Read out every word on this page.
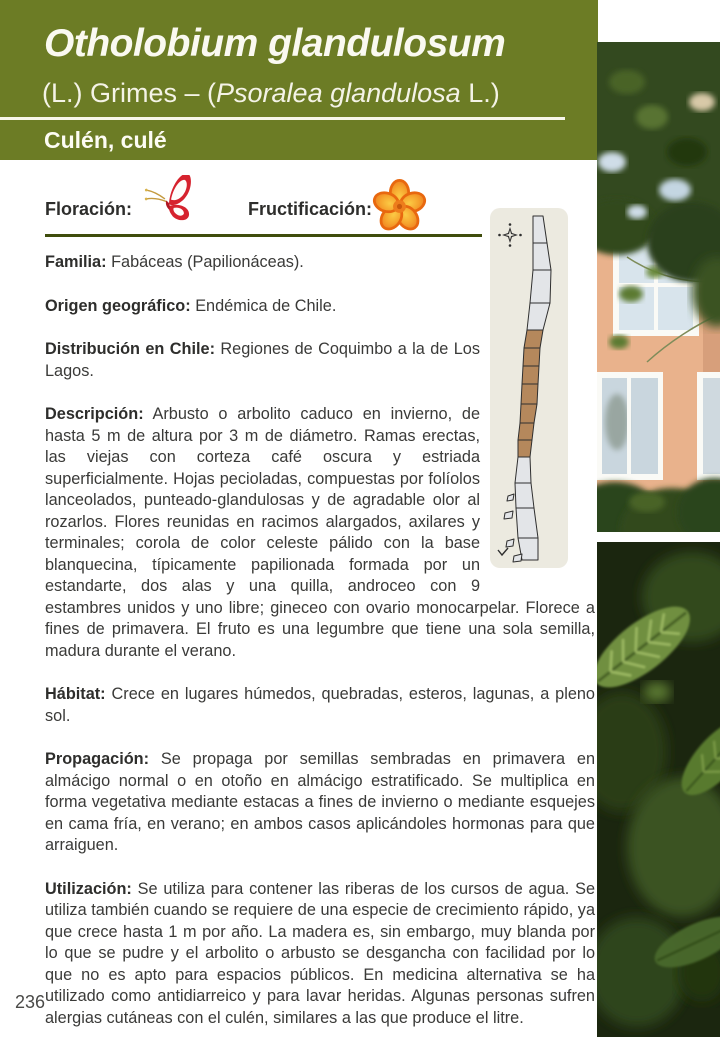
Otholobium glandulosum
(L.) Grimes – (Psoralea glandulosa L.)
Culén, culé
Floración:	Fructificación:

Familia: Fabáceas (Papilionáceas).

Origen geográfico: Endémica de Chile.

Distribución en Chile: Regiones de Coquimbo a la de Los Lagos.

Descripción: Arbusto o arbolito caduco en invierno, de hasta 5 m de altura por 3 m de diámetro. Ramas erectas, las viejas con corteza café oscura y estriada superficialmente. Hojas pecioladas, compuestas por folíolos lanceolados, punteado-glandulosas y de agradable olor al rozarlos. Flores reunidas en racimos alargados, axilares y terminales; corola de color celeste pálido con la base blanquecina, típicamente papilionada formada por un estandarte, dos alas y una quilla, androceo con 9 estambres unidos y uno libre; gineceo con ovario monocarpelar. Florece a fines de primavera. El fruto es una legumbre que tiene una sola semilla, madura durante el verano.

Hábitat: Crece en lugares húmedos, quebradas, esteros, lagunas, a pleno sol.

Propagación: Se propaga por semillas sembradas en primavera en almácigo normal o en otoño en almácigo estratificado. Se multiplica en forma vegetativa mediante estacas a fines de invierno o mediante esquejes en cama fría, en verano; en ambos casos aplicándoles hormonas para que arraiguen.

Utilización: Se utiliza para contener las riberas de los cursos de agua. Se utiliza también cuando se requiere de una especie de crecimiento rápido, ya que crece hasta 1 m por año. La madera es, sin embargo, muy blanda por lo que se pudre y el arbolito o arbusto se desgancha con facilidad por lo que no es apto para espacios públicos. En medicina alternativa se ha utilizado como antidiarreico y para lavar heridas. Algunas personas sufren alergias cutáneas con el culén, similares a las que produce el litre.

236
